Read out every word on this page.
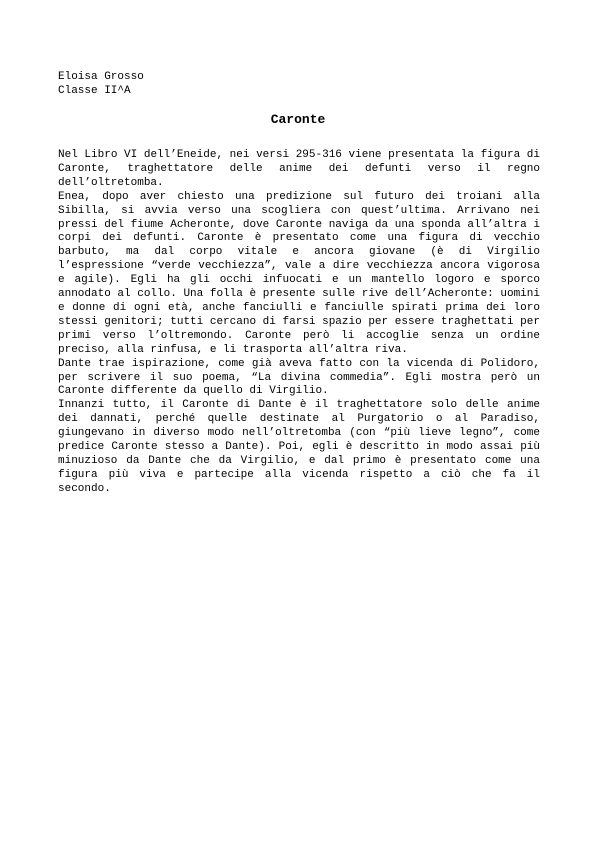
Eloisa Grosso
Classe II^A
Caronte

Nel Libro VI dell’Eneide, nei versi 295-316 viene presentata la figura di Caronte, traghettatore delle anime dei defunti verso il regno dell’oltretomba.

Enea, dopo aver chiesto una predizione sul futuro dei troiani alla Sibilla, si avvia verso una scogliera con quest’ultima. Arrivano nei pressi del fiume Acheronte, dove Caronte naviga da una sponda all’altra i corpi dei defunti. Caronte è presentato come una figura di vecchio barbuto, ma dal corpo vitale e ancora giovane (è di Virgilio l’espressione “verde vecchiezza”, vale a dire vecchiezza ancora vigorosa e agile). Egli ha gli occhi infuocati e un mantello logoro e sporco annodato al collo. Una folla è presente sulle rive dell’Acheronte: uomini e donne di ogni età, anche fanciulli e fanciulle spirati prima dei loro stessi genitori; tutti cercano di farsi spazio per essere traghettati per primi verso l’oltremondo. Caronte però li accoglie senza un ordine preciso, alla rinfusa, e li trasporta all’altra riva.

Dante trae ispirazione, come già aveva fatto con la vicenda di Polidoro, per scrivere il suo poema, “La divina commedia”. Egli mostra però un Caronte differente da quello di Virgilio.

Innanzi tutto, il Caronte di Dante è il traghettatore solo delle anime dei dannati, perché quelle destinate al Purgatorio o al Paradiso, giungevano in diverso modo nell’oltretomba (con “più lieve legno”, come predice Caronte stesso a Dante). Poi, egli è descritto in modo assai più minuzioso da Dante che da Virgilio, e dal primo è presentato come una figura più viva e partecipe alla vicenda rispetto a ciò che fa il secondo.
